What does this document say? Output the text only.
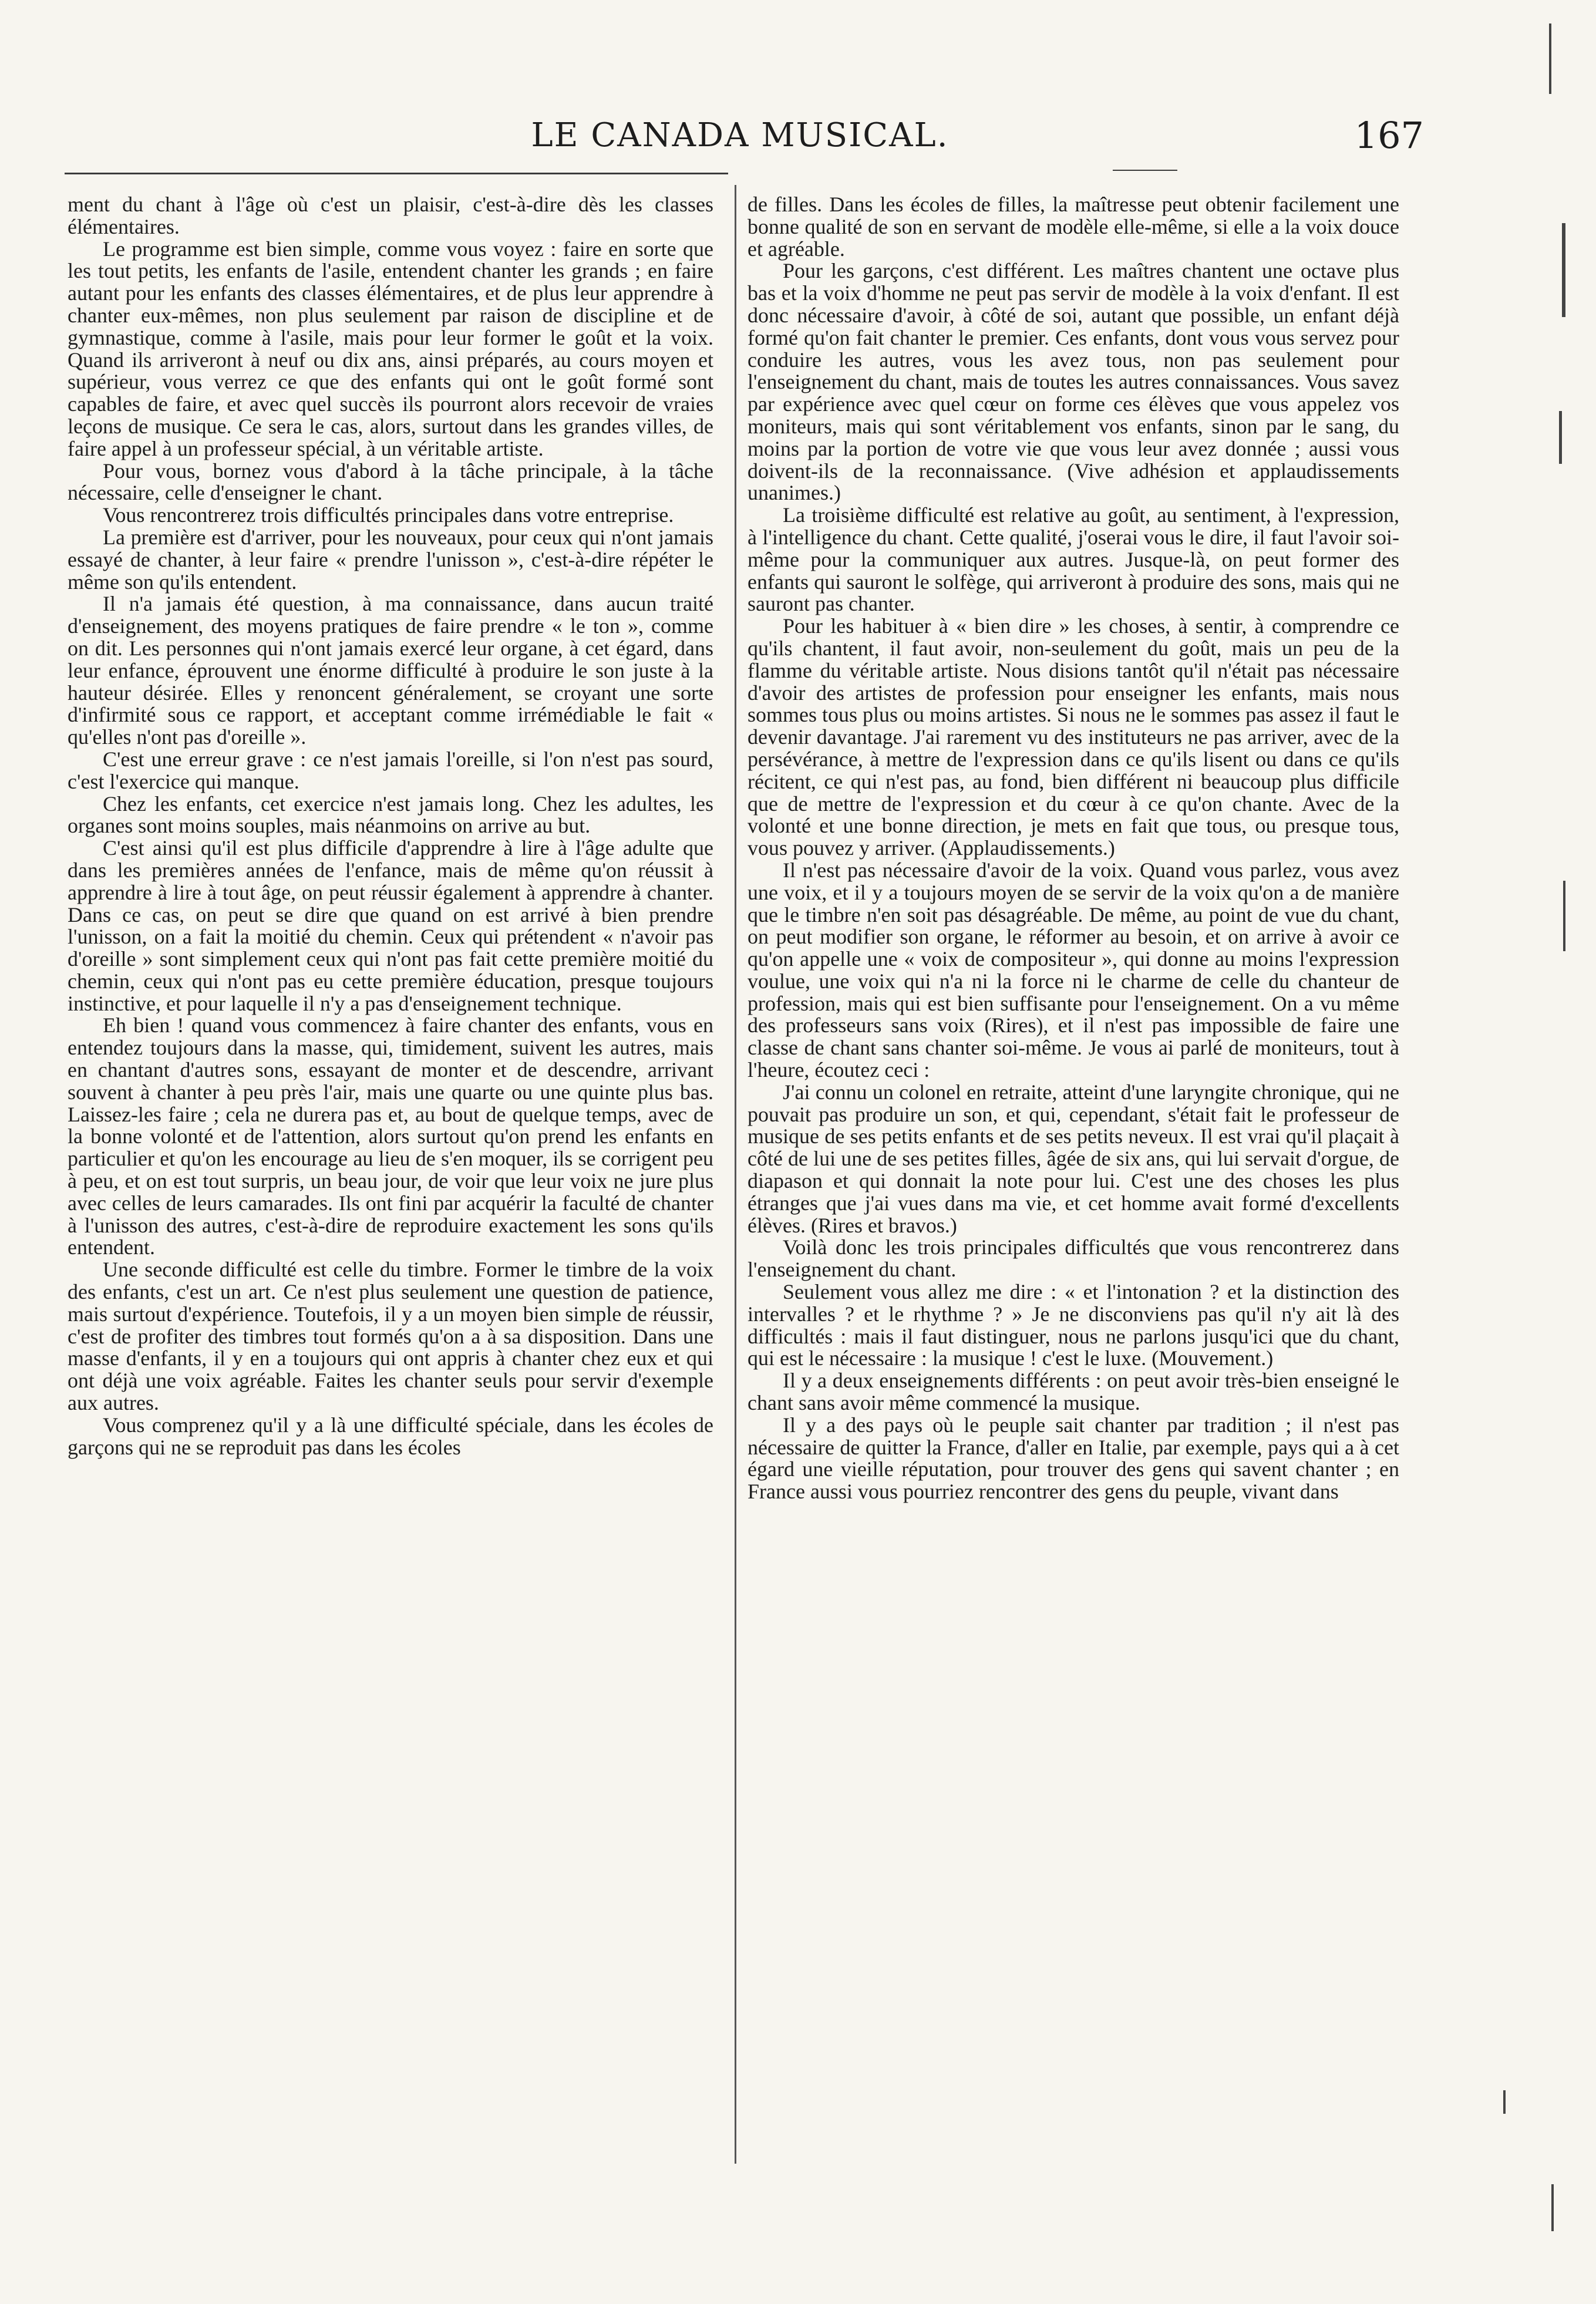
LE CANADA MUSICAL.	167

ment du chant à l'âge où c'est un plaisir, c'est-à-dire dès les classes élémentaires.

Le programme est bien simple, comme vous voyez : faire en sorte que les tout petits, les enfants de l'asile, entendent chanter les grands ; en faire autant pour les enfants des classes élémentaires, et de plus leur apprendre à chanter eux-mêmes, non plus seulement par raison de discipline et de gymnastique, comme à l'asile, mais pour leur former le goût et la voix. Quand ils arriveront à neuf ou dix ans, ainsi préparés, au cours moyen et supérieur, vous verrez ce que des enfants qui ont le goût formé sont capables de faire, et avec quel succès ils pourront alors recevoir de vraies leçons de musique. Ce sera le cas, alors, surtout dans les grandes villes, de faire appel à un professeur spécial, à un véritable artiste.

Pour vous, bornez vous d'abord à la tâche principale, à la tâche nécessaire, celle d'enseigner le chant.

Vous rencontrerez trois difficultés principales dans votre entreprise.

La première est d'arriver, pour les nouveaux, pour ceux qui n'ont jamais essayé de chanter, à leur faire « prendre l'unisson », c'est-à-dire répéter le même son qu'ils entendent.

Il n'a jamais été question, à ma connaissance, dans aucun traité d'enseignement, des moyens pratiques de faire prendre « le ton », comme on dit. Les personnes qui n'ont jamais exercé leur organe, à cet égard, dans leur enfance, éprouvent une énorme difficulté à produire le son juste à la hauteur désirée. Elles y renoncent généralement, se croyant une sorte d'infirmité sous ce rapport, et acceptant comme irrémédiable le fait « qu'elles n'ont pas d'oreille ».

C'est une erreur grave : ce n'est jamais l'oreille, si l'on n'est pas sourd, c'est l'exercice qui manque.

Chez les enfants, cet exercice n'est jamais long. Chez les adultes, les organes sont moins souples, mais néanmoins on arrive au but.

C'est ainsi qu'il est plus difficile d'apprendre à lire à l'âge adulte que dans les premières années de l'enfance, mais de même qu'on réussit à apprendre à lire à tout âge, on peut réussir également à apprendre à chanter. Dans ce cas, on peut se dire que quand on est arrivé à bien prendre l'unisson, on a fait la moitié du chemin. Ceux qui prétendent « n'avoir pas d'oreille » sont simplement ceux qui n'ont pas fait cette première moitié du chemin, ceux qui n'ont pas eu cette première éducation, presque toujours instinctive, et pour laquelle il n'y a pas d'enseignement technique.

Eh bien ! quand vous commencez à faire chanter des enfants, vous en entendez toujours dans la masse, qui, timidement, suivent les autres, mais en chantant d'autres sons, essayant de monter et de descendre, arrivant souvent à chanter à peu près l'air, mais une quarte ou une quinte plus bas. Laissez-les faire ; cela ne durera pas et, au bout de quelque temps, avec de la bonne volonté et de l'attention, alors surtout qu'on prend les enfants en particulier et qu'on les encourage au lieu de s'en moquer, ils se corrigent peu à peu, et on est tout surpris, un beau jour, de voir que leur voix ne jure plus avec celles de leurs camarades. Ils ont fini par acquérir la faculté de chanter à l'unisson des autres, c'est-à-dire de reproduire exactement les sons qu'ils entendent.

Une seconde difficulté est celle du timbre. Former le timbre de la voix des enfants, c'est un art. Ce n'est plus seulement une question de patience, mais surtout d'expérience. Toutefois, il y a un moyen bien simple de réussir, c'est de profiter des timbres tout formés qu'on a à sa disposition. Dans une masse d'enfants, il y en a toujours qui ont appris à chanter chez eux et qui ont déjà une voix agréable. Faites les chanter seuls pour servir d'exemple aux autres.

Vous comprenez qu'il y a là une difficulté spéciale, dans les écoles de garçons qui ne se reproduit pas dans les écoles

de filles. Dans les écoles de filles, la maîtresse peut obtenir facilement une bonne qualité de son en servant de modèle elle-même, si elle a la voix douce et agréable.

Pour les garçons, c'est différent. Les maîtres chantent une octave plus bas et la voix d'homme ne peut pas servir de modèle à la voix d'enfant. Il est donc nécessaire d'avoir, à côté de soi, autant que possible, un enfant déjà formé qu'on fait chanter le premier. Ces enfants, dont vous vous servez pour conduire les autres, vous les avez tous, non pas seulement pour l'enseignement du chant, mais de toutes les autres connaissances. Vous savez par expérience avec quel cœur on forme ces élèves que vous appelez vos moniteurs, mais qui sont véritablement vos enfants, sinon par le sang, du moins par la portion de votre vie que vous leur avez donnée ; aussi vous doivent-ils de la reconnaissance. (Vive adhésion et applaudissements unanimes.)

La troisième difficulté est relative au goût, au sentiment, à l'expression, à l'intelligence du chant. Cette qualité, j'oserai vous le dire, il faut l'avoir soi-même pour la communiquer aux autres. Jusque-là, on peut former des enfants qui sauront le solfège, qui arriveront à produire des sons, mais qui ne sauront pas chanter.

Pour les habituer à « bien dire » les choses, à sentir, à comprendre ce qu'ils chantent, il faut avoir, non-seulement du goût, mais un peu de la flamme du véritable artiste. Nous disions tantôt qu'il n'était pas nécessaire d'avoir des artistes de profession pour enseigner les enfants, mais nous sommes tous plus ou moins artistes. Si nous ne le sommes pas assez il faut le devenir davantage. J'ai rarement vu des instituteurs ne pas arriver, avec de la persévérance, à mettre de l'expression dans ce qu'ils lisent ou dans ce qu'ils récitent, ce qui n'est pas, au fond, bien différent ni beaucoup plus difficile que de mettre de l'expression et du cœur à ce qu'on chante. Avec de la volonté et une bonne direction, je mets en fait que tous, ou presque tous, vous pouvez y arriver. (Applaudissements.)

Il n'est pas nécessaire d'avoir de la voix. Quand vous parlez, vous avez une voix, et il y a toujours moyen de se servir de la voix qu'on a de manière que le timbre n'en soit pas désagréable. De même, au point de vue du chant, on peut modifier son organe, le réformer au besoin, et on arrive à avoir ce qu'on appelle une « voix de compositeur », qui donne au moins l'expression voulue, une voix qui n'a ni la force ni le charme de celle du chanteur de profession, mais qui est bien suffisante pour l'enseignement. On a vu même des professeurs sans voix (Rires), et il n'est pas impossible de faire une classe de chant sans chanter soi-même. Je vous ai parlé de moniteurs, tout à l'heure, écoutez ceci :

J'ai connu un colonel en retraite, atteint d'une laryngite chronique, qui ne pouvait pas produire un son, et qui, cependant, s'était fait le professeur de musique de ses petits enfants et de ses petits neveux. Il est vrai qu'il plaçait à côté de lui une de ses petites filles, âgée de six ans, qui lui servait d'orgue, de diapason et qui donnait la note pour lui. C'est une des choses les plus étranges que j'ai vues dans ma vie, et cet homme avait formé d'excellents élèves. (Rires et bravos.)

Voilà donc les trois principales difficultés que vous rencontrerez dans l'enseignement du chant.

Seulement vous allez me dire : « et l'intonation ? et la distinction des intervalles ? et le rhythme ? » Je ne disconviens pas qu'il n'y ait là des difficultés : mais il faut distinguer, nous ne parlons jusqu'ici que du chant, qui est le nécessaire : la musique ! c'est le luxe. (Mouvement.)

Il y a deux enseignements différents : on peut avoir très-bien enseigné le chant sans avoir même commencé la musique.

Il y a des pays où le peuple sait chanter par tradition ; il n'est pas nécessaire de quitter la France, d'aller en Italie, par exemple, pays qui a à cet égard une vieille réputation, pour trouver des gens qui savent chanter ; en France aussi vous pourriez rencontrer des gens du peuple, vivant dans
